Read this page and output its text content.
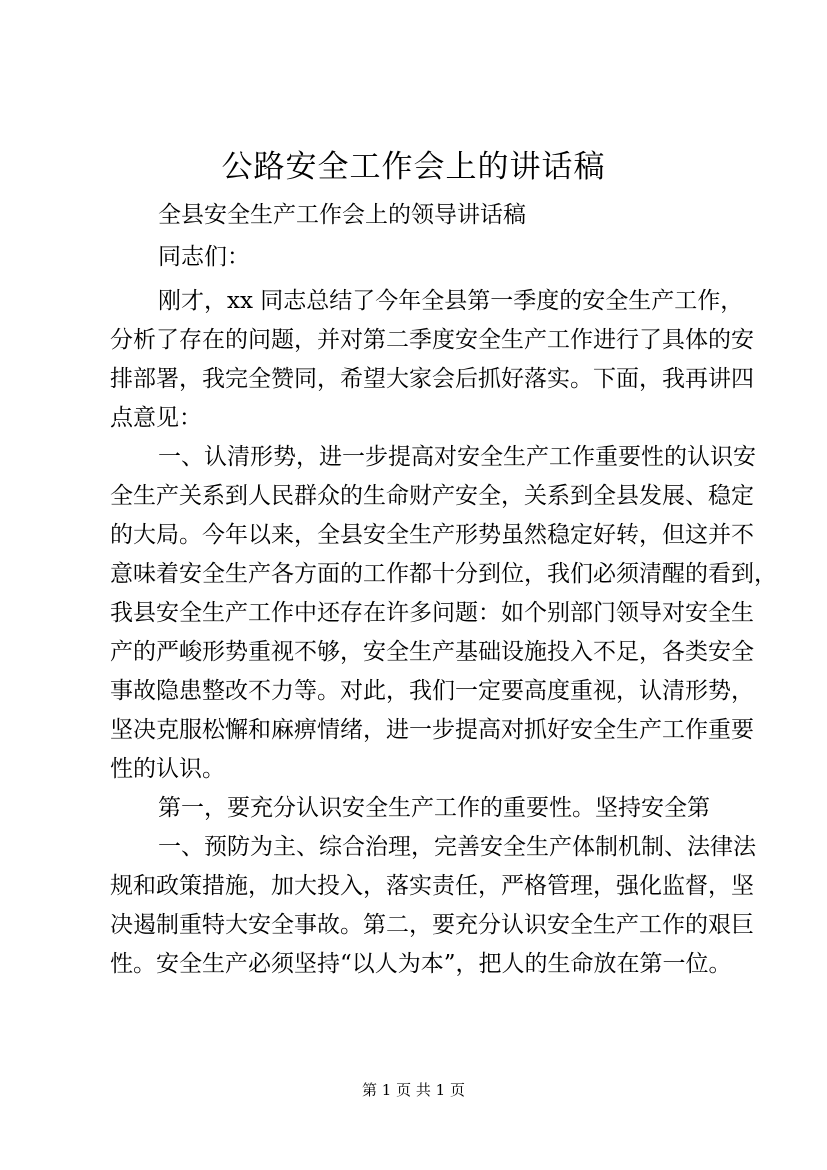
公路安全工作会上的讲话稿
全县安全生产工作会上的领导讲话稿
同志们：
刚才，xx 同志总结了今年全县第一季度的安全生产工作，
分析了存在的问题，并对第二季度安全生产工作进行了具体的安
排部署，我完全赞同，希望大家会后抓好落实。下面，我再讲四
点意见：
一、认清形势，进一步提高对安全生产工作重要性的认识安
全生产关系到人民群众的生命财产安全，关系到全县发展、稳定
的大局。今年以来，全县安全生产形势虽然稳定好转，但这并不
意味着安全生产各方面的工作都十分到位，我们必须清醒的看到，
我县安全生产工作中还存在许多问题：如个别部门领导对安全生
产的严峻形势重视不够，安全生产基础设施投入不足，各类安全
事故隐患整改不力等。对此，我们一定要高度重视，认清形势，
坚决克服松懈和麻痹情绪，进一步提高对抓好安全生产工作重要
性的认识。
第一，要充分认识安全生产工作的重要性。坚持安全第
一、预防为主、综合治理，完善安全生产体制机制、法律法
规和政策措施，加大投入，落实责任，严格管理，强化监督，坚
决遏制重特大安全事故。第二，要充分认识安全生产工作的艰巨
性。安全生产必须坚持“以人为本”，把人的生命放在第一位。
第 1 页 共 1 页
